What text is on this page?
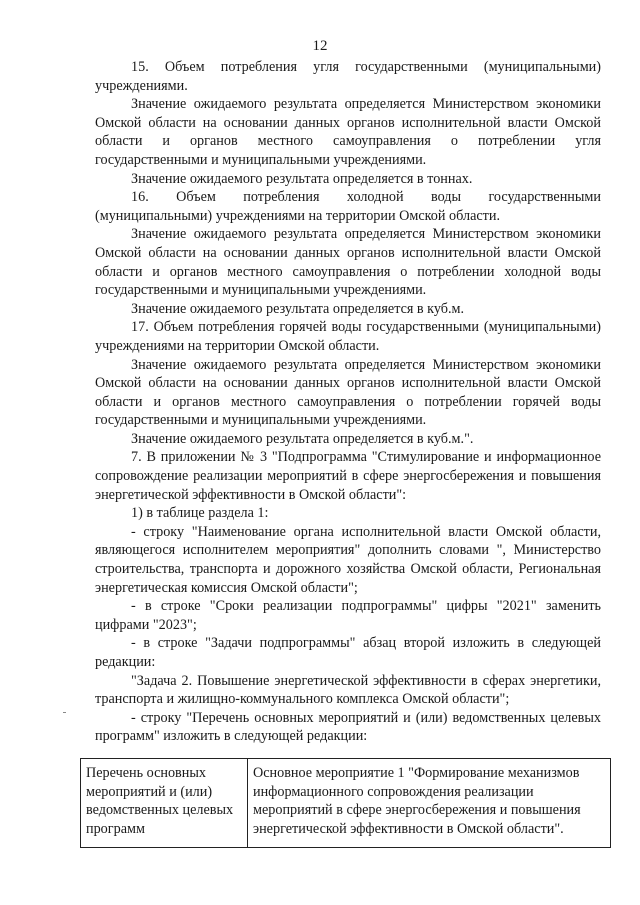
12

15. Объем потребления угля государственными (муниципальными) учреждениями.

Значение ожидаемого результата определяется Министерством экономики Омской области на основании данных органов исполнительной власти Омской области и органов местного самоуправления о потреблении угля государственными и муниципальными учреждениями.

Значение ожидаемого результата определяется в тоннах.

16. Объем потребления холодной воды государственными (муниципальными) учреждениями на территории Омской области.

Значение ожидаемого результата определяется Министерством экономики Омской области на основании данных органов исполнительной власти Омской области и органов местного самоуправления о потреблении холодной воды государственными и муниципальными учреждениями.

Значение ожидаемого результата определяется в куб.м.

17. Объем потребления горячей воды государственными (муниципальными) учреждениями на территории Омской области.

Значение ожидаемого результата определяется Министерством экономики Омской области на основании данных органов исполнительной власти Омской области и органов местного самоуправления о потреблении горячей воды государственными и муниципальными учреждениями.

Значение ожидаемого результата определяется в куб.м.".

7. В приложении № 3 "Подпрограмма "Стимулирование и информационное сопровождение реализации мероприятий в сфере энергосбережения и повышения энергетической эффективности в Омской области":

1) в таблице раздела 1:

- строку "Наименование органа исполнительной власти Омской области, являющегося исполнителем мероприятия" дополнить словами ", Министерство строительства, транспорта и дорожного хозяйства Омской области, Региональная энергетическая комиссия Омской области";

- в строке "Сроки реализации подпрограммы" цифры "2021" заменить цифрами "2023";

- в строке "Задачи подпрограммы" абзац второй изложить в следующей редакции:

"Задача 2. Повышение энергетической эффективности в сферах энергетики, транспорта и жилищно-коммунального комплекса Омской области";

- строку "Перечень основных мероприятий и (или) ведомственных целевых программ" изложить в следующей редакции:

Перечень основных мероприятий и (или) ведомственных целевых программ	Основное мероприятие 1 "Формирование механизмов информационного сопровождения реализации мероприятий в сфере энергосбережения и повышения энергетической эффективности в Омской области".
